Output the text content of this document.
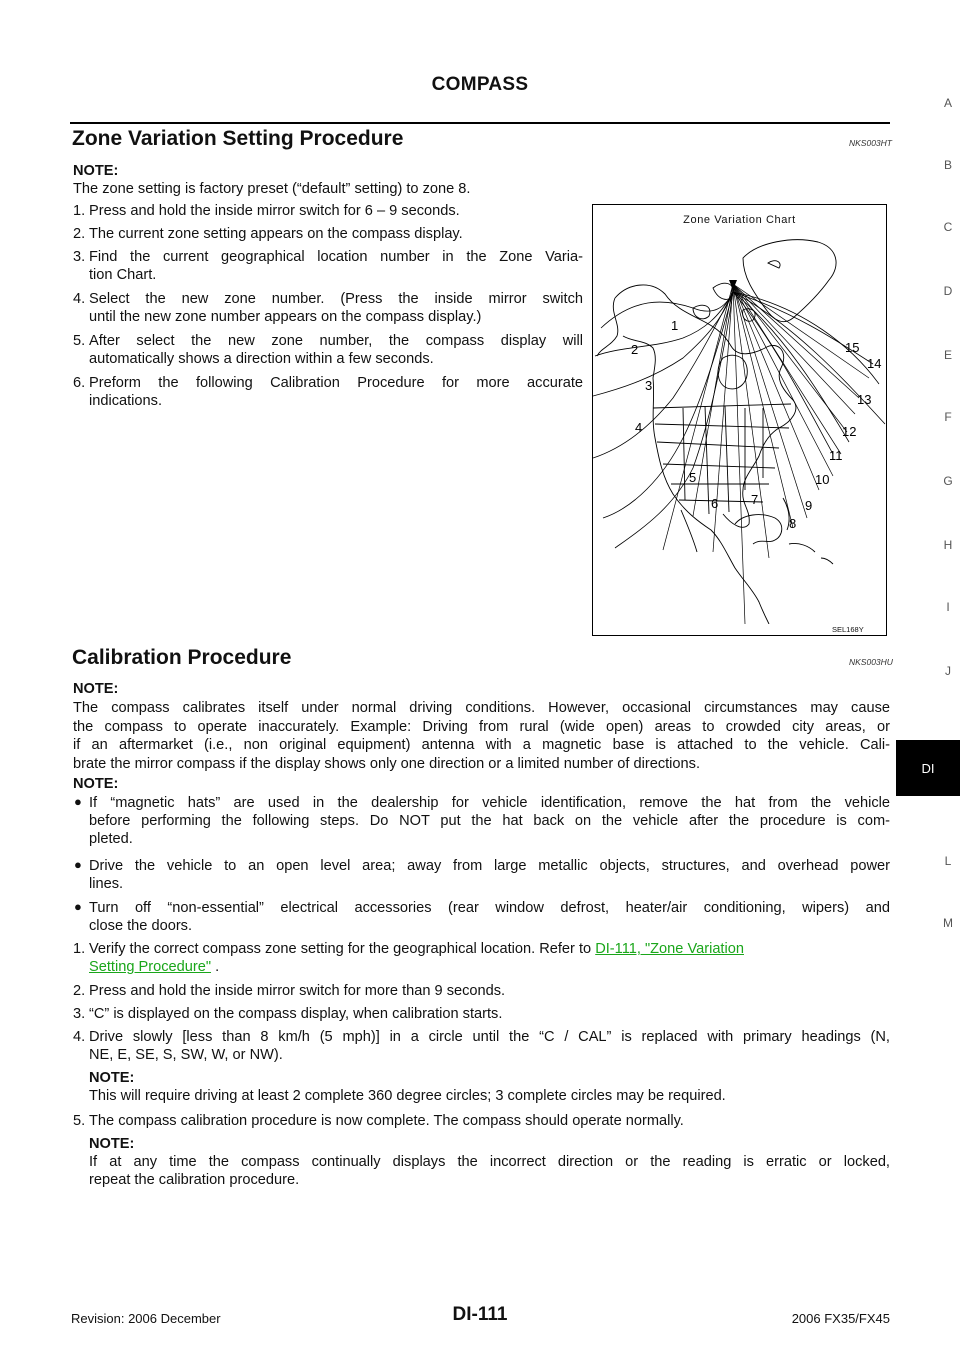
COMPASS
Zone Variation Setting Procedure	NKS003HT
NOTE:
The zone setting is factory preset (“default” setting) to zone 8.
1. Press and hold the inside mirror switch for 6 – 9 seconds.
2. The current zone setting appears on the compass display.
3. Find the current geographical location number in the Zone Varia-
tion Chart.
4. Select the new zone number. (Press the inside mirror switch
until the new zone number appears on the compass display.)
5. After select the new zone number, the compass display will
automatically shows a direction within a few seconds.
6. Preform the following Calibration Procedure for more accurate
indications.
Zone Variation Chart
1
2
3
4
5
6	7
8
9
10
11
12
13
14
15
SEL168Y
Calibration Procedure	NKS003HU
NOTE:
The compass calibrates itself under normal driving conditions. However, occasional circumstances may cause
the compass to operate inaccurately. Example: Driving from rural (wide open) areas to crowded city areas, or
if an aftermarket (i.e., non original equipment) antenna with a magnetic base is attached to the vehicle. Cali-
brate the mirror compass if the display shows only one direction or a limited number of directions.
NOTE:
● If “magnetic hats” are used in the dealership for vehicle identification, remove the hat from the vehicle
before performing the following steps. Do NOT put the hat back on the vehicle after the procedure is com-
pleted.
● Drive the vehicle to an open level area; away from large metallic objects, structures, and overhead power
lines.
● Turn off “non-essential” electrical accessories (rear window defrost, heater/air conditioning, wipers) and
close the doors.
1. Verify the correct compass zone setting for the geographical location. Refer to DI-111, "Zone Variation
Setting Procedure" .
2. Press and hold the inside mirror switch for more than 9 seconds.
3. “C” is displayed on the compass display, when calibration starts.
4. Drive slowly [less than 8 km/h (5 mph)] in a circle until the “C / CAL” is replaced with primary headings (N,
NE, E, SE, S, SW, W, or NW).
NOTE:
This will require driving at least 2 complete 360 degree circles; 3 complete circles may be required.
5. The compass calibration procedure is now complete. The compass should operate normally.
NOTE:
If at any time the compass continually displays the incorrect direction or the reading is erratic or locked,
repeat the calibration procedure.
A
B
C
D
E
F
G
H
I
J
DI
L
M
Revision: 2006 December	DI-111	2006 FX35/FX45
